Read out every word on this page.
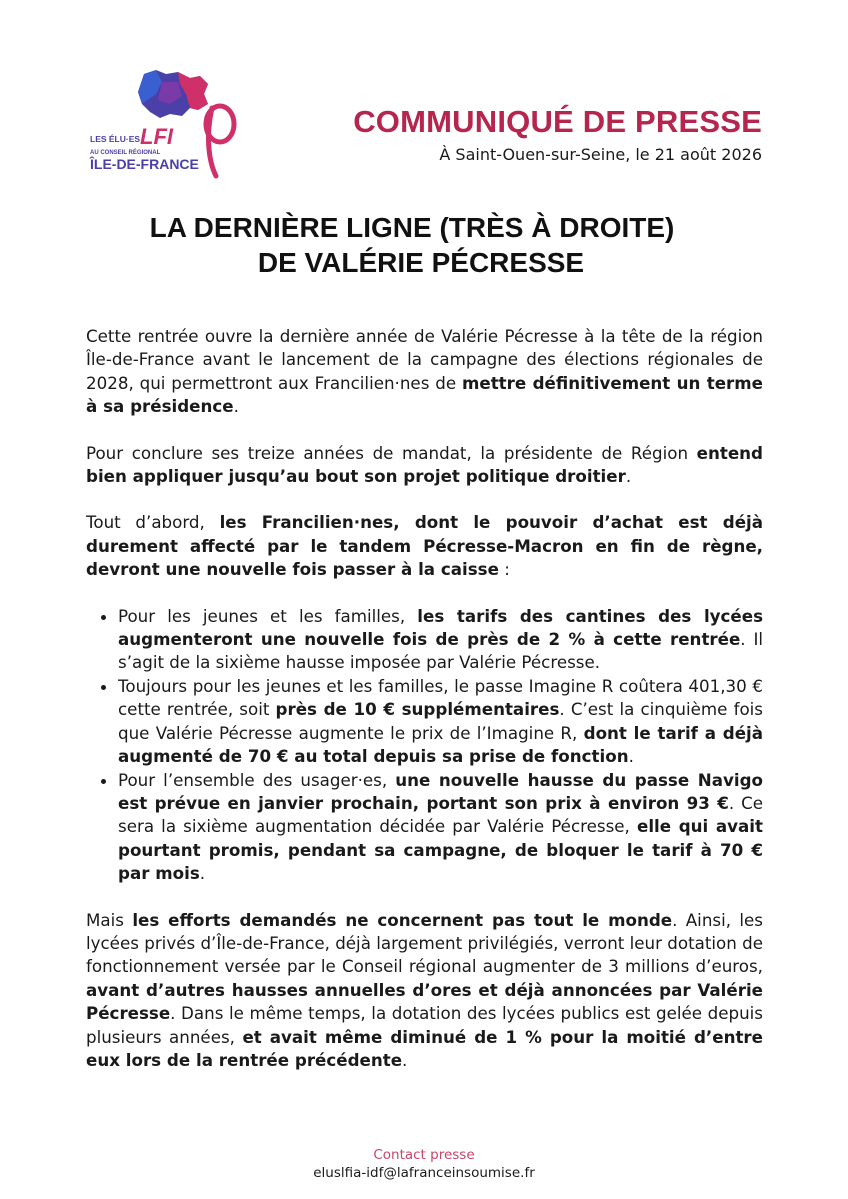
LES ÉLU·ES LFI
AU CONSEIL RÉGIONAL
ÎLE-DE-FRANCE
COMMUNIQUÉ DE PRESSE
À Saint-Ouen-sur-Seine, le 21 août 2026
LA DERNIÈRE LIGNE (TRÈS À DROITE)
DE VALÉRIE PÉCRESSE

Cette rentrée ouvre la dernière année de Valérie Pécresse à la tête de la région Île-de-France avant le lancement de la campagne des élections régionales de 2028, qui permettront aux Francilien·nes de mettre définitivement un terme à sa présidence.

Pour conclure ses treize années de mandat, la présidente de Région entend bien appliquer jusqu’au bout son projet politique droitier.

Tout d’abord, les Francilien·nes, dont le pouvoir d’achat est déjà durement affecté par le tandem Pécresse-Macron en fin de règne, devront une nouvelle fois passer à la caisse :

• Pour les jeunes et les familles, les tarifs des cantines des lycées augmenteront une nouvelle fois de près de 2 % à cette rentrée. Il s’agit de la sixième hausse imposée par Valérie Pécresse.
• Toujours pour les jeunes et les familles, le passe Imagine R coûtera 401,30 € cette rentrée, soit près de 10 € supplémentaires. C’est la cinquième fois que Valérie Pécresse augmente le prix de l’Imagine R, dont le tarif a déjà augmenté de 70 € au total depuis sa prise de fonction.
• Pour l’ensemble des usager·es, une nouvelle hausse du passe Navigo est prévue en janvier prochain, portant son prix à environ 93 €. Ce sera la sixième augmentation décidée par Valérie Pécresse, elle qui avait pourtant promis, pendant sa campagne, de bloquer le tarif à 70 € par mois.

Mais les efforts demandés ne concernent pas tout le monde. Ainsi, les lycées privés d’Île-de-France, déjà largement privilégiés, verront leur dotation de fonctionnement versée par le Conseil régional augmenter de 3 millions d’euros, avant d’autres hausses annuelles d’ores et déjà annoncées par Valérie Pécresse. Dans le même temps, la dotation des lycées publics est gelée depuis plusieurs années, et avait même diminué de 1 % pour la moitié d’entre eux lors de la rentrée précédente.

Contact presse
eluslfia-idf@lafranceinsoumise.fr
